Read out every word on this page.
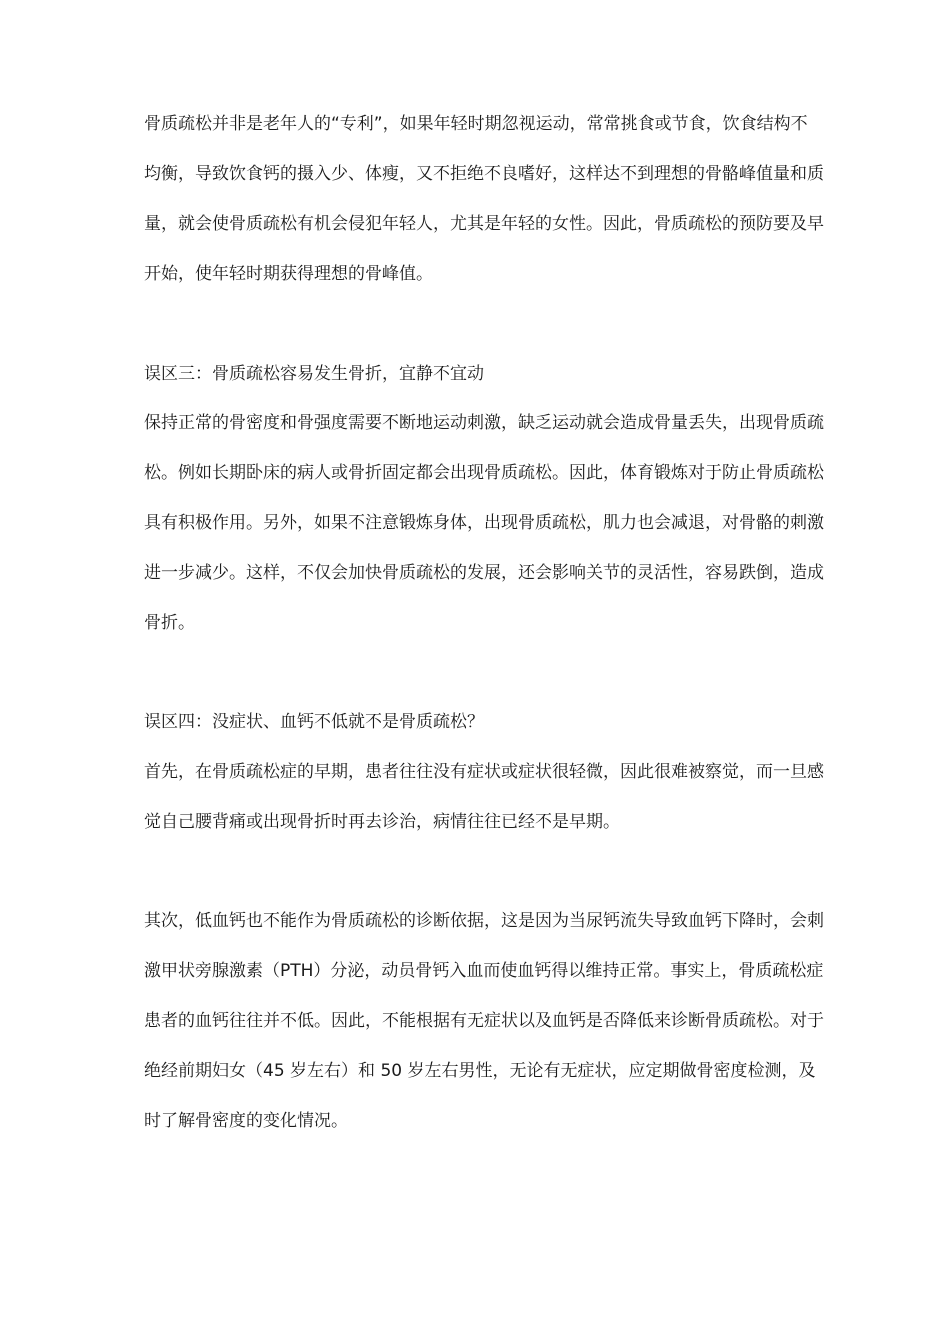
骨质疏松并非是老年人的“专利”，如果年轻时期忽视运动，常常挑食或节食，饮食结构不
均衡，导致饮食钙的摄入少、体瘦，又不拒绝不良嗜好，这样达不到理想的骨骼峰值量和质
量，就会使骨质疏松有机会侵犯年轻人，尤其是年轻的女性。因此，骨质疏松的预防要及早
开始，使年轻时期获得理想的骨峰值。
误区三：骨质疏松容易发生骨折，宜静不宜动
保持正常的骨密度和骨强度需要不断地运动刺激，缺乏运动就会造成骨量丢失，出现骨质疏
松。例如长期卧床的病人或骨折固定都会出现骨质疏松。因此，体育锻炼对于防止骨质疏松
具有积极作用。另外，如果不注意锻炼身体，出现骨质疏松，肌力也会减退，对骨骼的刺激
进一步减少。这样，不仅会加快骨质疏松的发展，还会影响关节的灵活性，容易跌倒，造成
骨折。
误区四：没症状、血钙不低就不是骨质疏松？
首先，在骨质疏松症的早期，患者往往没有症状或症状很轻微，因此很难被察觉，而一旦感
觉自己腰背痛或出现骨折时再去诊治，病情往往已经不是早期。
其次，低血钙也不能作为骨质疏松的诊断依据，这是因为当尿钙流失导致血钙下降时，会刺
激甲状旁腺激素（PTH）分泌，动员骨钙入血而使血钙得以维持正常。事实上，骨质疏松症
患者的血钙往往并不低。因此，不能根据有无症状以及血钙是否降低来诊断骨质疏松。对于
绝经前期妇女（45 岁左右）和 50 岁左右男性，无论有无症状，应定期做骨密度检测，及
时了解骨密度的变化情况。
